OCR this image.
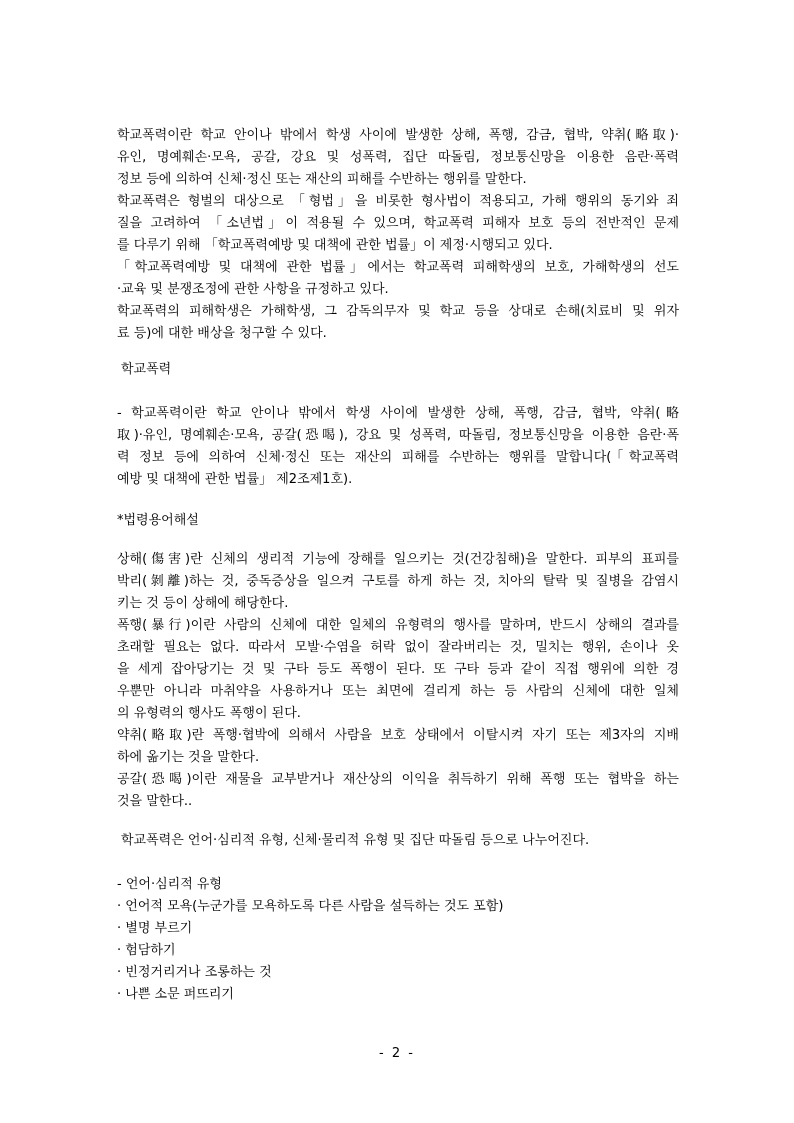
학교폭력이란 학교 안이나 밖에서 학생 사이에 발생한 상해, 폭행, 감금, 협박, 약취(略取)·
유인, 명예훼손·모욕, 공갈, 강요 및 성폭력, 집단 따돌림, 정보통신망을 이용한 음란·폭력
정보 등에 의하여 신체·정신 또는 재산의 피해를 수반하는 행위를 말한다.
학교폭력은 형벌의 대상으로 「형법」을 비롯한 형사법이 적용되고, 가해 행위의 동기와 죄
질을 고려하여 「소년법」이 적용될 수 있으며, 학교폭력 피해자 보호 등의 전반적인 문제
를 다루기 위해 「학교폭력예방 및 대책에 관한 법률」이 제정·시행되고 있다.
「학교폭력예방 및 대책에 관한 법률」에서는 학교폭력 피해학생의 보호, 가해학생의 선도
·교육 및 분쟁조정에 관한 사항을 규정하고 있다.
학교폭력의 피해학생은 가해학생, 그 감독의무자 및 학교 등을 상대로 손해(치료비 및 위자
료 등)에 대한 배상을 청구할 수 있다.
학교폭력
- 학교폭력이란 학교 안이나 밖에서 학생 사이에 발생한 상해, 폭행, 감금, 협박, 약취(略
取)·유인, 명예훼손·모욕, 공갈(恐喝), 강요 및 성폭력, 따돌림, 정보통신망을 이용한 음란·폭
력 정보 등에 의하여 신체·정신 또는 재산의 피해를 수반하는 행위를 말합니다(「학교폭력
예방 및 대책에 관한 법률」 제2조제1호).
*법령용어해설
상해(傷害)란 신체의 생리적 기능에 장해를 일으키는 것(건강침해)을 말한다. 피부의 표피를
박리(剝離)하는 것, 중독증상을 일으켜 구토를 하게 하는 것, 치아의 탈락 및 질병을 감염시
키는 것 등이 상해에 해당한다.
폭행(暴行)이란 사람의 신체에 대한 일체의 유형력의 행사를 말하며, 반드시 상해의 결과를
초래할 필요는 없다. 따라서 모발·수염을 허락 없이 잘라버리는 것, 밀치는 행위, 손이나 옷
을 세게 잡아당기는 것 및 구타 등도 폭행이 된다. 또 구타 등과 같이 직접 행위에 의한 경
우뿐만 아니라 마취약을 사용하거나 또는 최면에 걸리게 하는 등 사람의 신체에 대한 일체
의 유형력의 행사도 폭행이 된다.
약취(略取)란 폭행·협박에 의해서 사람을 보호 상태에서 이탈시켜 자기 또는 제3자의 지배
하에 옮기는 것을 말한다.
공갈(恐喝)이란 재물을 교부받거나 재산상의 이익을 취득하기 위해 폭행 또는 협박을 하는
것을 말한다..
학교폭력은 언어·심리적 유형, 신체·물리적 유형 및 집단 따돌림 등으로 나누어진다.
- 언어·심리적 유형
· 언어적 모욕(누군가를 모욕하도록 다른 사람을 설득하는 것도 포함)
· 별명 부르기
· 험담하기
· 빈정거리거나 조롱하는 것
· 나쁜 소문 퍼뜨리기
- 2 -
